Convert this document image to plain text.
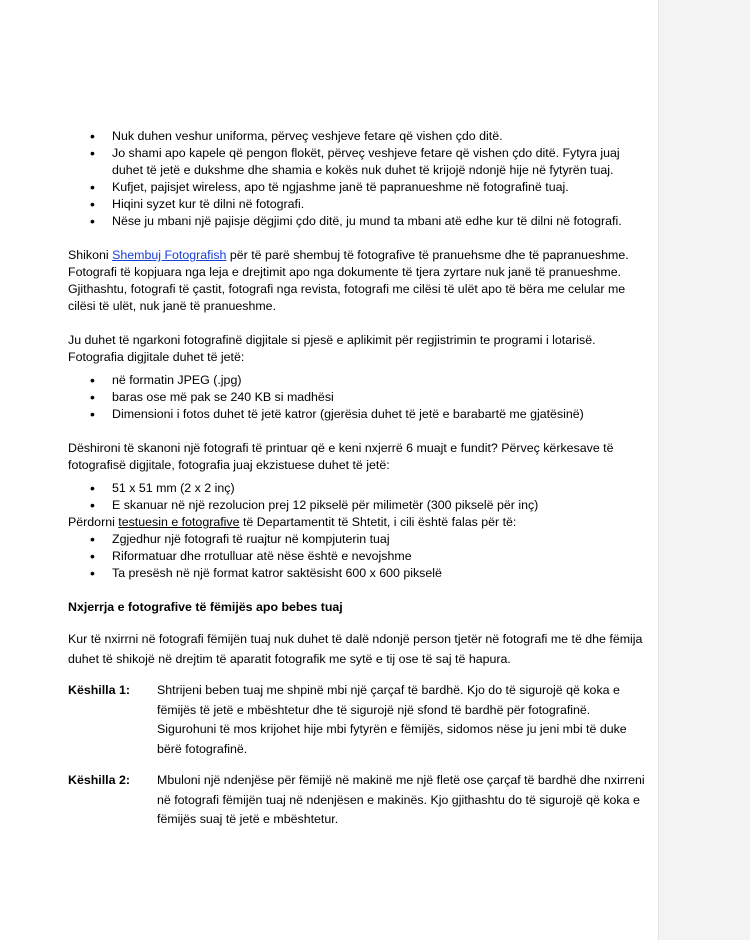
• Nuk duhen veshur uniforma, përveç veshjeve fetare që vishen çdo ditë.
• Jo shami apo kapele që pengon flokët, përveç veshjeve fetare që vishen çdo ditë. Fytyra juaj duhet të jetë e dukshme dhe shamia e kokës nuk duhet të krijojë ndonjë hije në fytyrën tuaj.
• Kufjet, pajisjet wireless, apo të ngjashme janë të papranueshme në fotografinë tuaj.
• Hiqini syzet kur të dilni në fotografi.
• Nëse ju mbani një pajisje dëgjimi çdo ditë, ju mund ta mbani atë edhe kur të dilni në fotografi.

Shikoni Shembuj Fotografish për të parë shembuj të fotografive të pranuehsme dhe të papranueshme. Fotografi të kopjuara nga leja e drejtimit apo nga dokumente të tjera zyrtare nuk janë të pranueshme. Gjithashtu, fotografi të çastit, fotografi nga revista, fotografi me cilësi të ulët apo të bëra me celular me cilësi të ulët, nuk janë të pranueshme.

Ju duhet të ngarkoni fotografinë digjitale si pjesë e aplikimit për regjistrimin te programi i lotarisë. Fotografia digjitale duhet të jetë:

• në formatin JPEG (.jpg)
• baras ose më pak se 240 KB si madhësi
• Dimensioni i fotos duhet të jetë katror (gjerësia duhet të jetë e barabartë me gjatësinë)

Dëshironi të skanoni një fotografi të printuar që e keni nxjerrë 6 muajt e fundit? Përveç kërkesave të fotografisë digjitale, fotografia juaj ekzistuese duhet të jetë:

• 51 x 51 mm (2 x 2 inç)
• E skanuar në një rezolucion prej 12 pikselë për milimetër (300 pikselë për inç)

Përdorni testuesin e fotografive të Departamentit të Shtetit, i cili është falas për të:

• Zgjedhur një fotografi të ruajtur në kompjuterin tuaj
• Riformatuar dhe rrotulluar atë nëse është e nevojshme
• Ta presësh në një format katror saktësisht 600 x 600 pikselë

Nxjerrja e fotografive të fëmijës apo bebes tuaj

Kur të nxirrni në fotografi fëmijën tuaj nuk duhet të dalë ndonjë person tjetër në fotografi me të dhe fëmija duhet të shikojë në drejtim të aparatit fotografik me sytë e tij ose të saj të hapura.

Këshilla 1:	Shtrijeni beben tuaj me shpinë mbi një çarçaf të bardhë. Kjo do të sigurojë që koka e fëmijës të jetë e mbështetur dhe të sigurojë një sfond të bardhë për fotografinë. Sigurohuni të mos krijohet hije mbi fytyrën e fëmijës, sidomos nëse ju jeni mbi të duke bërë fotografinë.
Këshilla 2:	Mbuloni një ndenjëse për fëmijë në makinë me një fletë ose çarçaf të bardhë dhe nxirreni në fotografi fëmijën tuaj në ndenjësen e makinës. Kjo gjithashtu do të sigurojë që koka e fëmijës suaj të jetë e mbështetur.
